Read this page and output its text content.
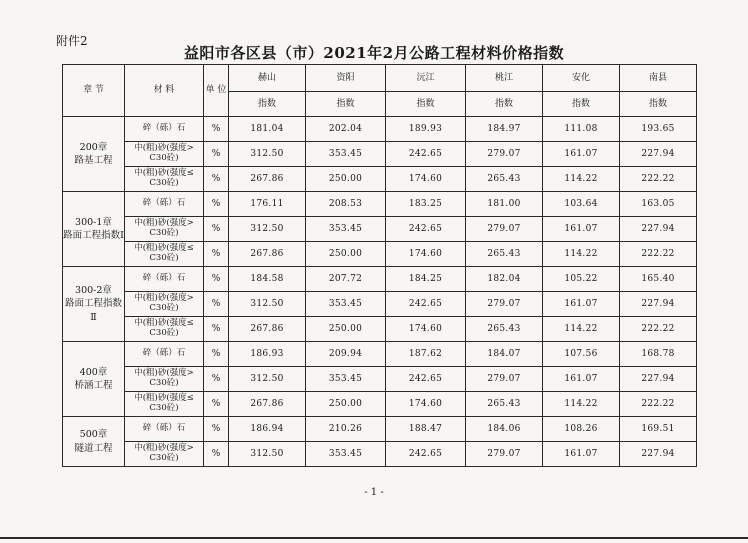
附件2
益阳市各区县（市）2021年2月公路工程材料价格指数
章 节	材 料	单 位	赫山	资阳	沅江	桃江	安化	南县
			指数	指数	指数	指数	指数	指数

200章
路基工程	碎（砾）石	%	181.04	202.04	189.93	184.97	111.08	193.65

	中(粗)砂(强度>
C30砼)	%	312.50	353.45	242.65	279.07	161.07	227.94

	中(粗)砂(强度≤
C30砼)	%	267.86	250.00	174.60	265.43	114.22	222.22

300-1章
路面工程指数Ⅰ	碎（砾）石	%	176.11	208.53	183.25	181.00	103.64	163.05

	中(粗)砂(强度>
C30砼)	%	312.50	353.45	242.65	279.07	161.07	227.94

	中(粗)砂(强度≤
C30砼)	%	267.86	250.00	174.60	265.43	114.22	222.22

300-2章
路面工程指数Ⅱ	碎（砾）石	%	184.58	207.72	184.25	182.04	105.22	165.40

	中(粗)砂(强度>
C30砼)	%	312.50	353.45	242.65	279.07	161.07	227.94

	中(粗)砂(强度≤
C30砼)	%	267.86	250.00	174.60	265.43	114.22	222.22

400章
桥涵工程	碎（砾）石	%	186.93	209.94	187.62	184.07	107.56	168.78

	中(粗)砂(强度>
C30砼)	%	312.50	353.45	242.65	279.07	161.07	227.94

	中(粗)砂(强度≤
C30砼)	%	267.86	250.00	174.60	265.43	114.22	222.22

500章
隧道工程	碎（砾）石	%	186.94	210.26	188.47	184.06	108.26	169.51

	中(粗)砂(强度>
C30砼)	%	312.50	353.45	242.65	279.07	161.07	227.94
- 1 -
